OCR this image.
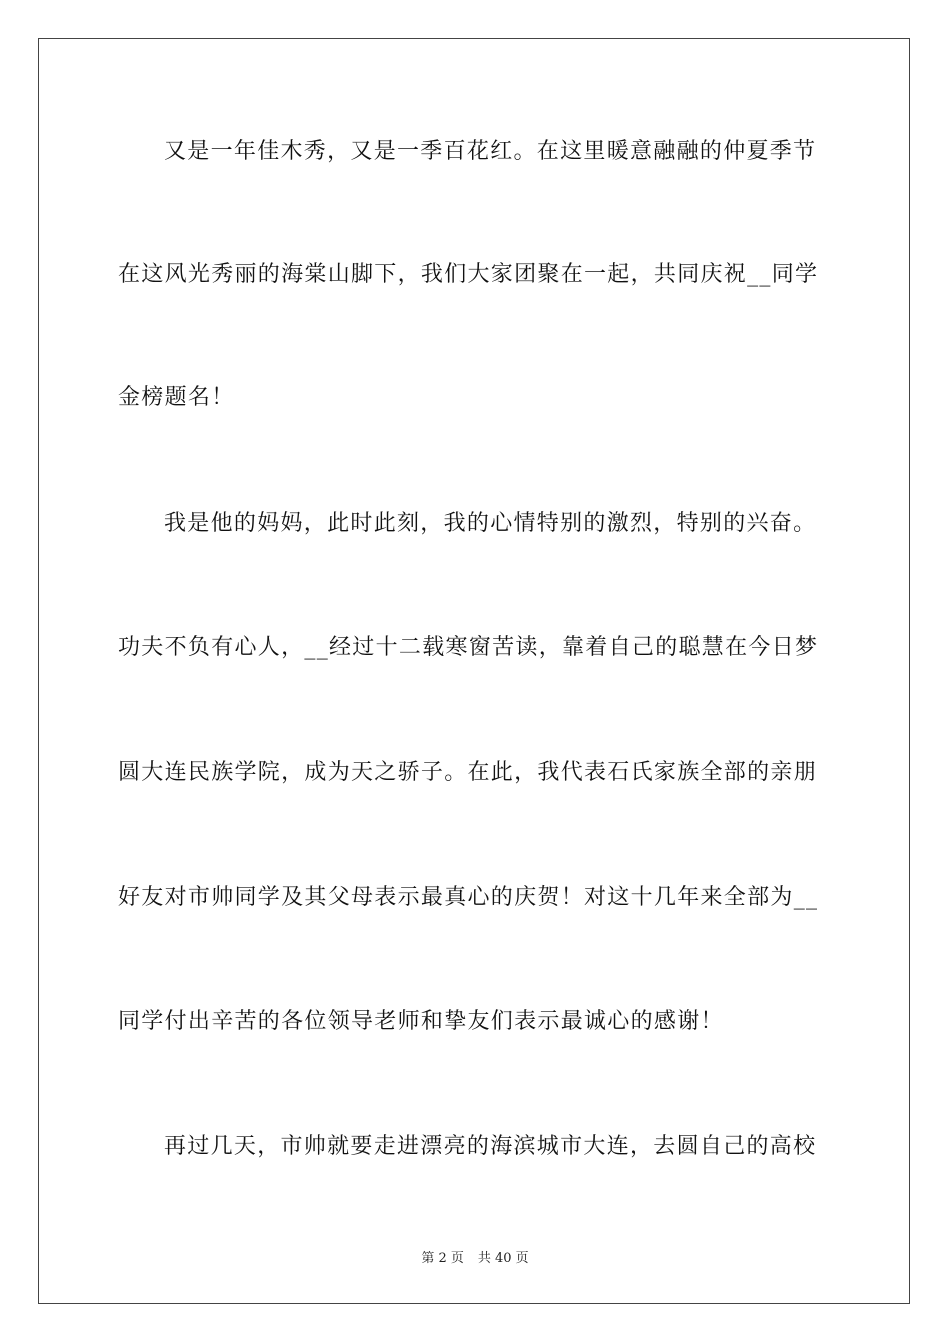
又是一年佳木秀，又是一季百花红。在这里暖意融融的仲夏季节
在这风光秀丽的海棠山脚下，我们大家团聚在一起，共同庆祝__同学
金榜题名！
我是他的妈妈，此时此刻，我的心情特别的激烈，特别的兴奋。
功夫不负有心人，__经过十二载寒窗苦读，靠着自己的聪慧在今日梦
圆大连民族学院，成为天之骄子。在此，我代表石氏家族全部的亲朋
好友对市帅同学及其父母表示最真心的庆贺！对这十几年来全部为__
同学付出辛苦的各位领导老师和挚友们表示最诚心的感谢！
再过几天，市帅就要走进漂亮的海滨城市大连，去圆自己的高校
第 2 页 共 40 页
